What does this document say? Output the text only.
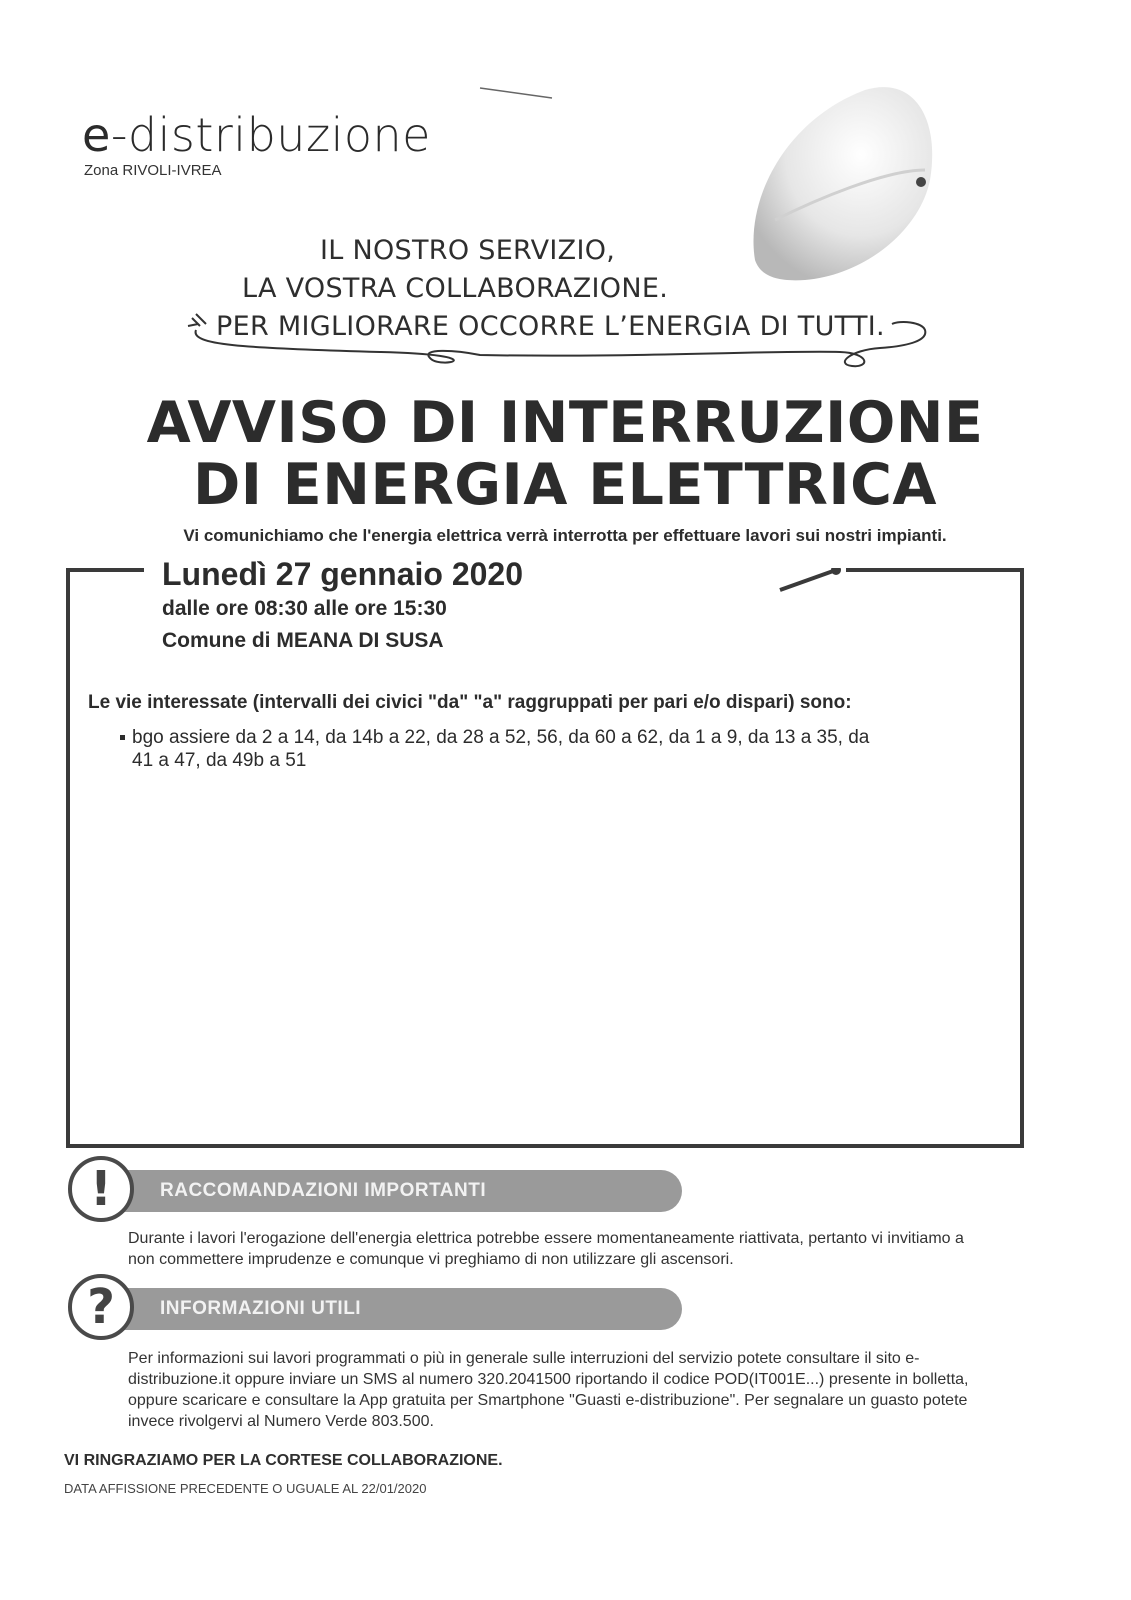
e-distribuzione
Zona RIVOLI-IVREA
IL NOSTRO SERVIZIO,
LA VOSTRA COLLABORAZIONE.
PER MIGLIORARE OCCORRE L’ENERGIA DI TUTTI.
AVVISO DI INTERRUZIONE
DI ENERGIA ELETTRICA
Vi comunichiamo che l'energia elettrica verrà interrotta per effettuare lavori sui nostri impianti.
Lunedì 27 gennaio 2020
dalle ore 08:30 alle ore 15:30
Comune di MEANA DI SUSA
Le vie interessate (intervalli dei civici "da" "a" raggruppati per pari e/o dispari) sono:
bgo assiere da 2 a 14, da 14b a 22, da 28 a 52, 56, da 60 a 62, da 1 a 9, da 13 a 35, da
41 a 47, da 49b a 51
RACCOMANDAZIONI IMPORTANTI
!
Durante i lavori l'erogazione dell'energia elettrica potrebbe essere momentaneamente riattivata, pertanto vi invitiamo a non commettere imprudenze e comunque vi preghiamo di non utilizzare gli ascensori.
INFORMAZIONI UTILI
?
Per informazioni sui lavori programmati o più in generale sulle interruzioni del servizio potete consultare il sito e-distribuzione.it oppure inviare un SMS al numero 320.2041500 riportando il codice POD(IT001E...) presente in bolletta, oppure scaricare e consultare la App gratuita per Smartphone "Guasti e-distribuzione". Per segnalare un guasto potete invece rivolgervi al Numero Verde 803.500.
VI RINGRAZIAMO PER LA CORTESE COLLABORAZIONE.
DATA AFFISSIONE PRECEDENTE O UGUALE AL 22/01/2020
